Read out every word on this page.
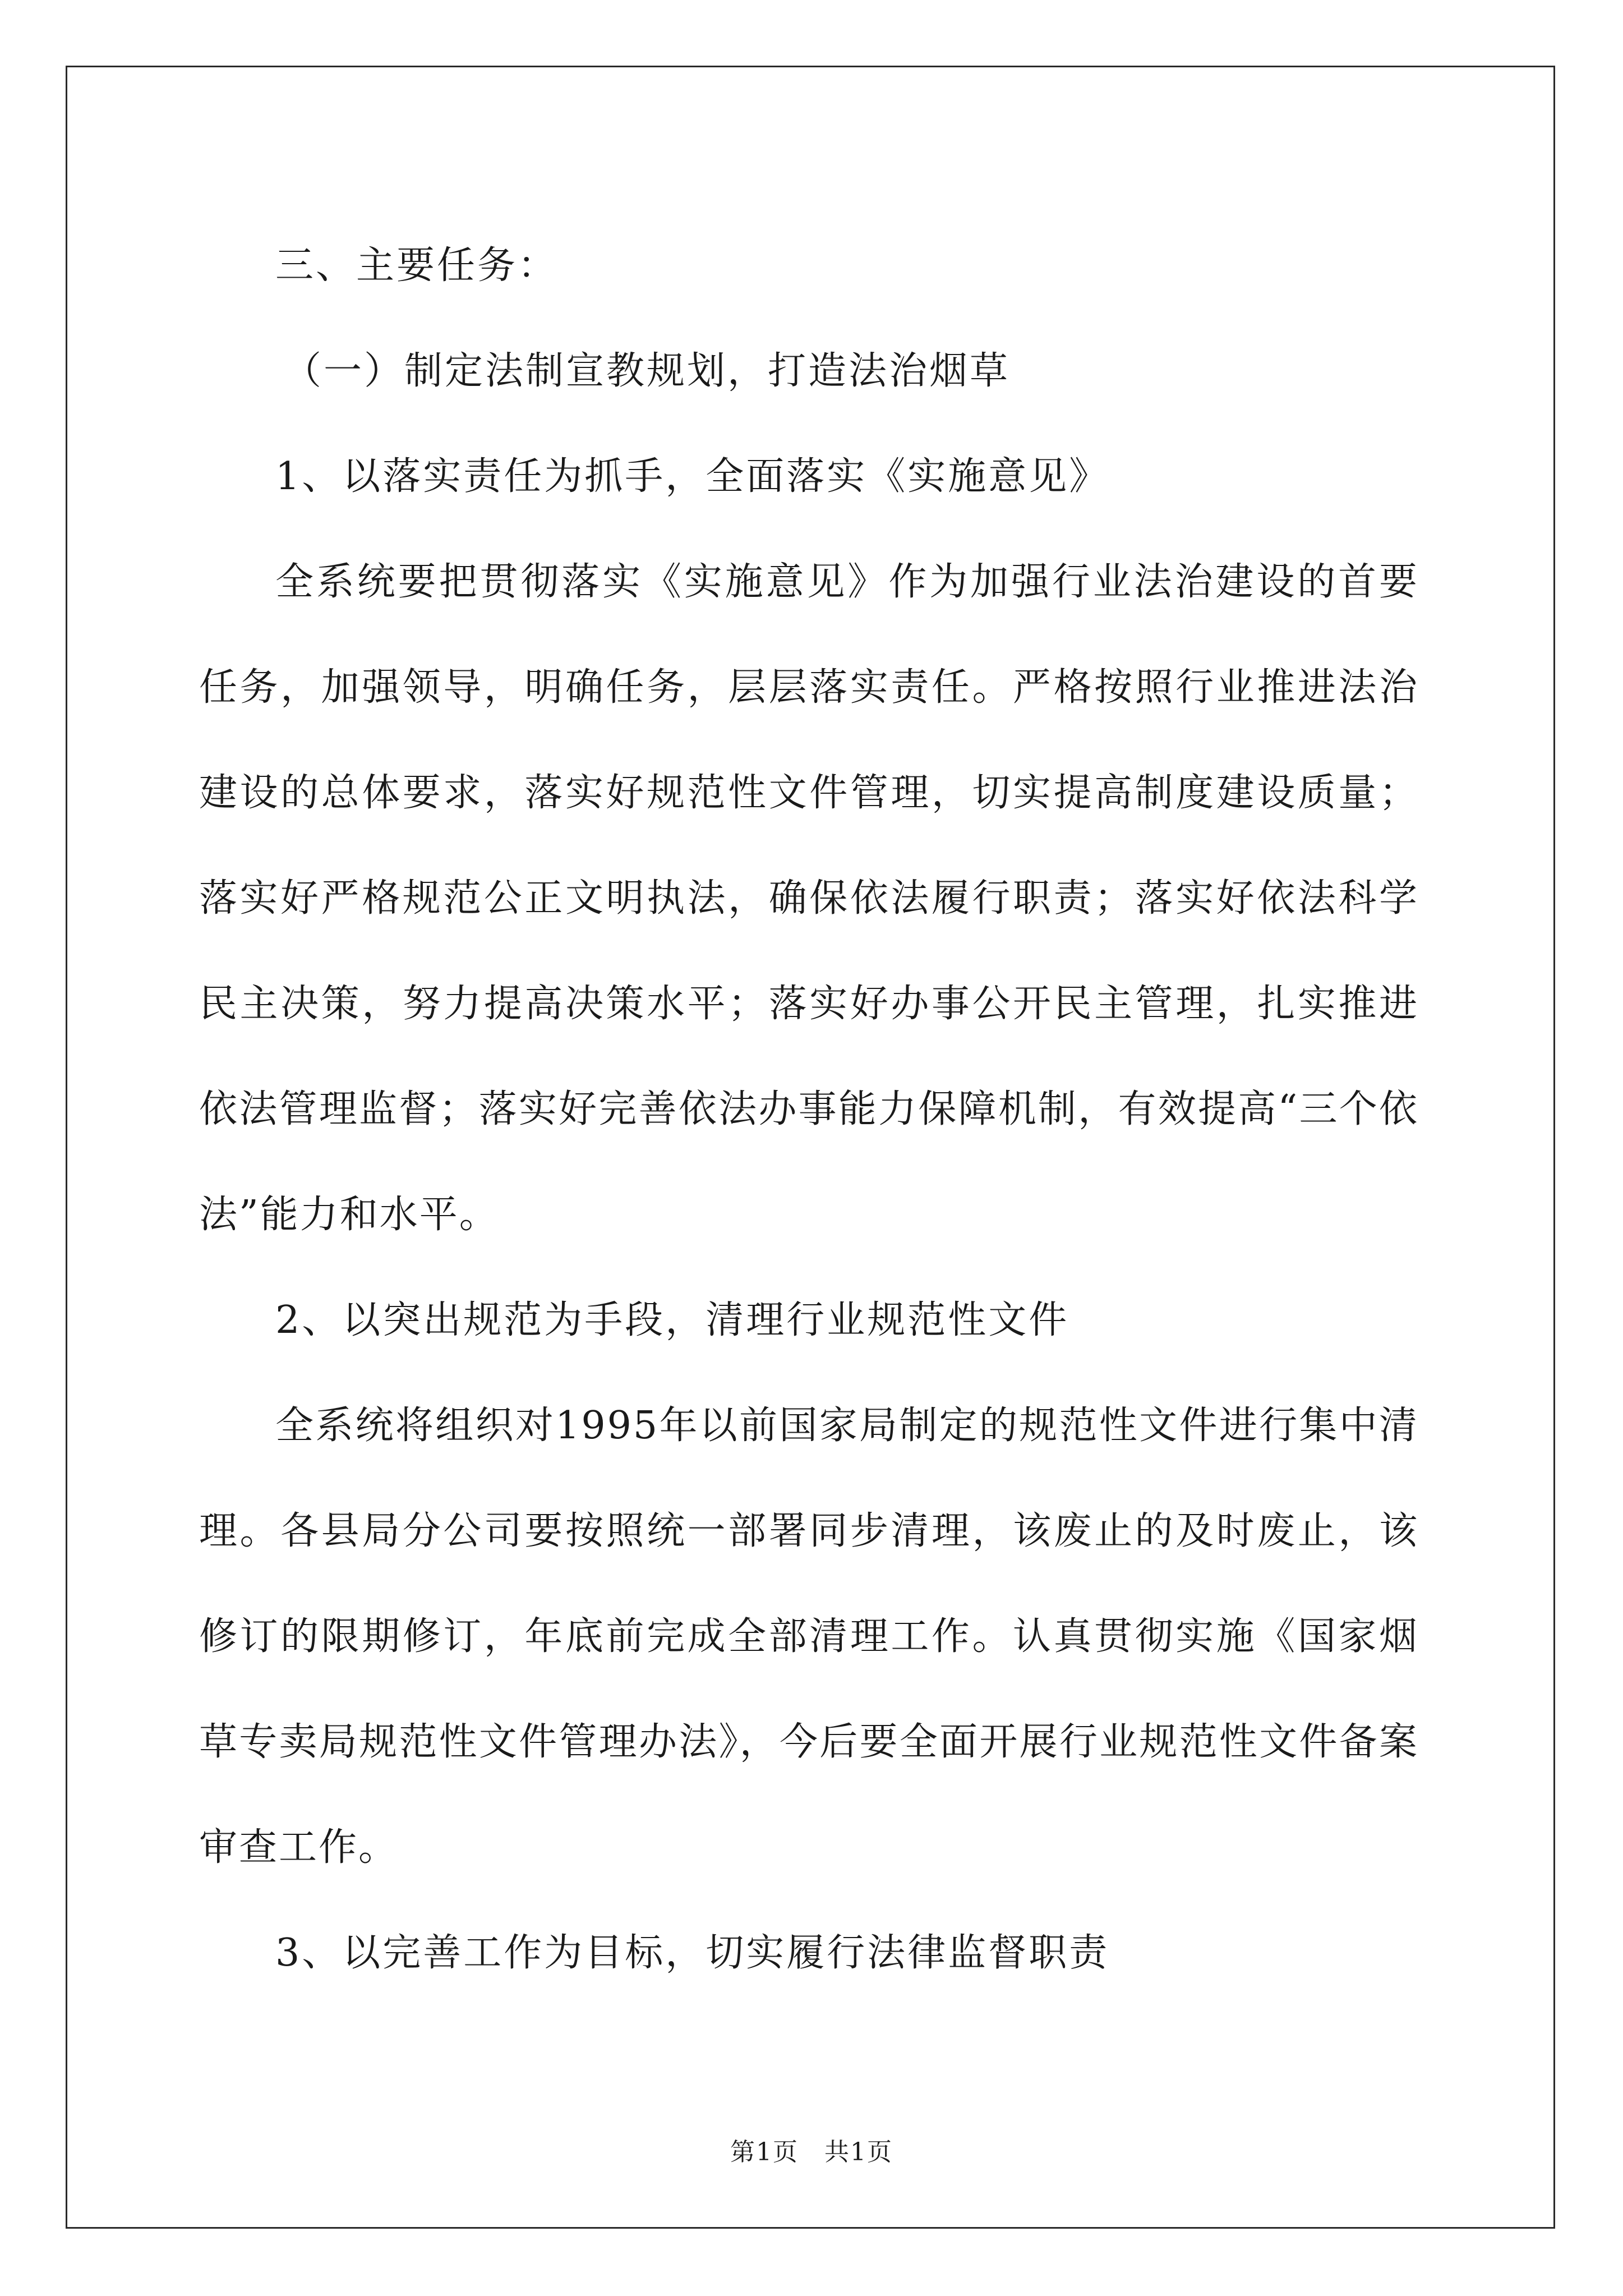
三、主要任务：
（一）制定法制宣教规划，打造法治烟草
1、以落实责任为抓手，全面落实《实施意见》

全系统要把贯彻落实《实施意见》作为加强行业法治建设的首要任务，加强领导，明确任务，层层落实责任。严格按照行业推进法治建设的总体要求，落实好规范性文件管理，切实提高制度建设质量；落实好严格规范公正文明执法，确保依法履行职责；落实好依法科学民主决策，努力提高决策水平；落实好办事公开民主管理，扎实推进依法管理监督；落实好完善依法办事能力保障机制，有效提高“三个依法”能力和水平。

2、以突出规范为手段，清理行业规范性文件

全系统将组织对1995年以前国家局制定的规范性文件进行集中清理。各县局分公司要按照统一部署同步清理，该废止的及时废止，该修订的限期修订，年底前完成全部清理工作。认真贯彻实施《国家烟草专卖局规范性文件管理办法》，今后要全面开展行业规范性文件备案审查工作。

3、以完善工作为目标，切实履行法律监督职责
第1页　共1页
